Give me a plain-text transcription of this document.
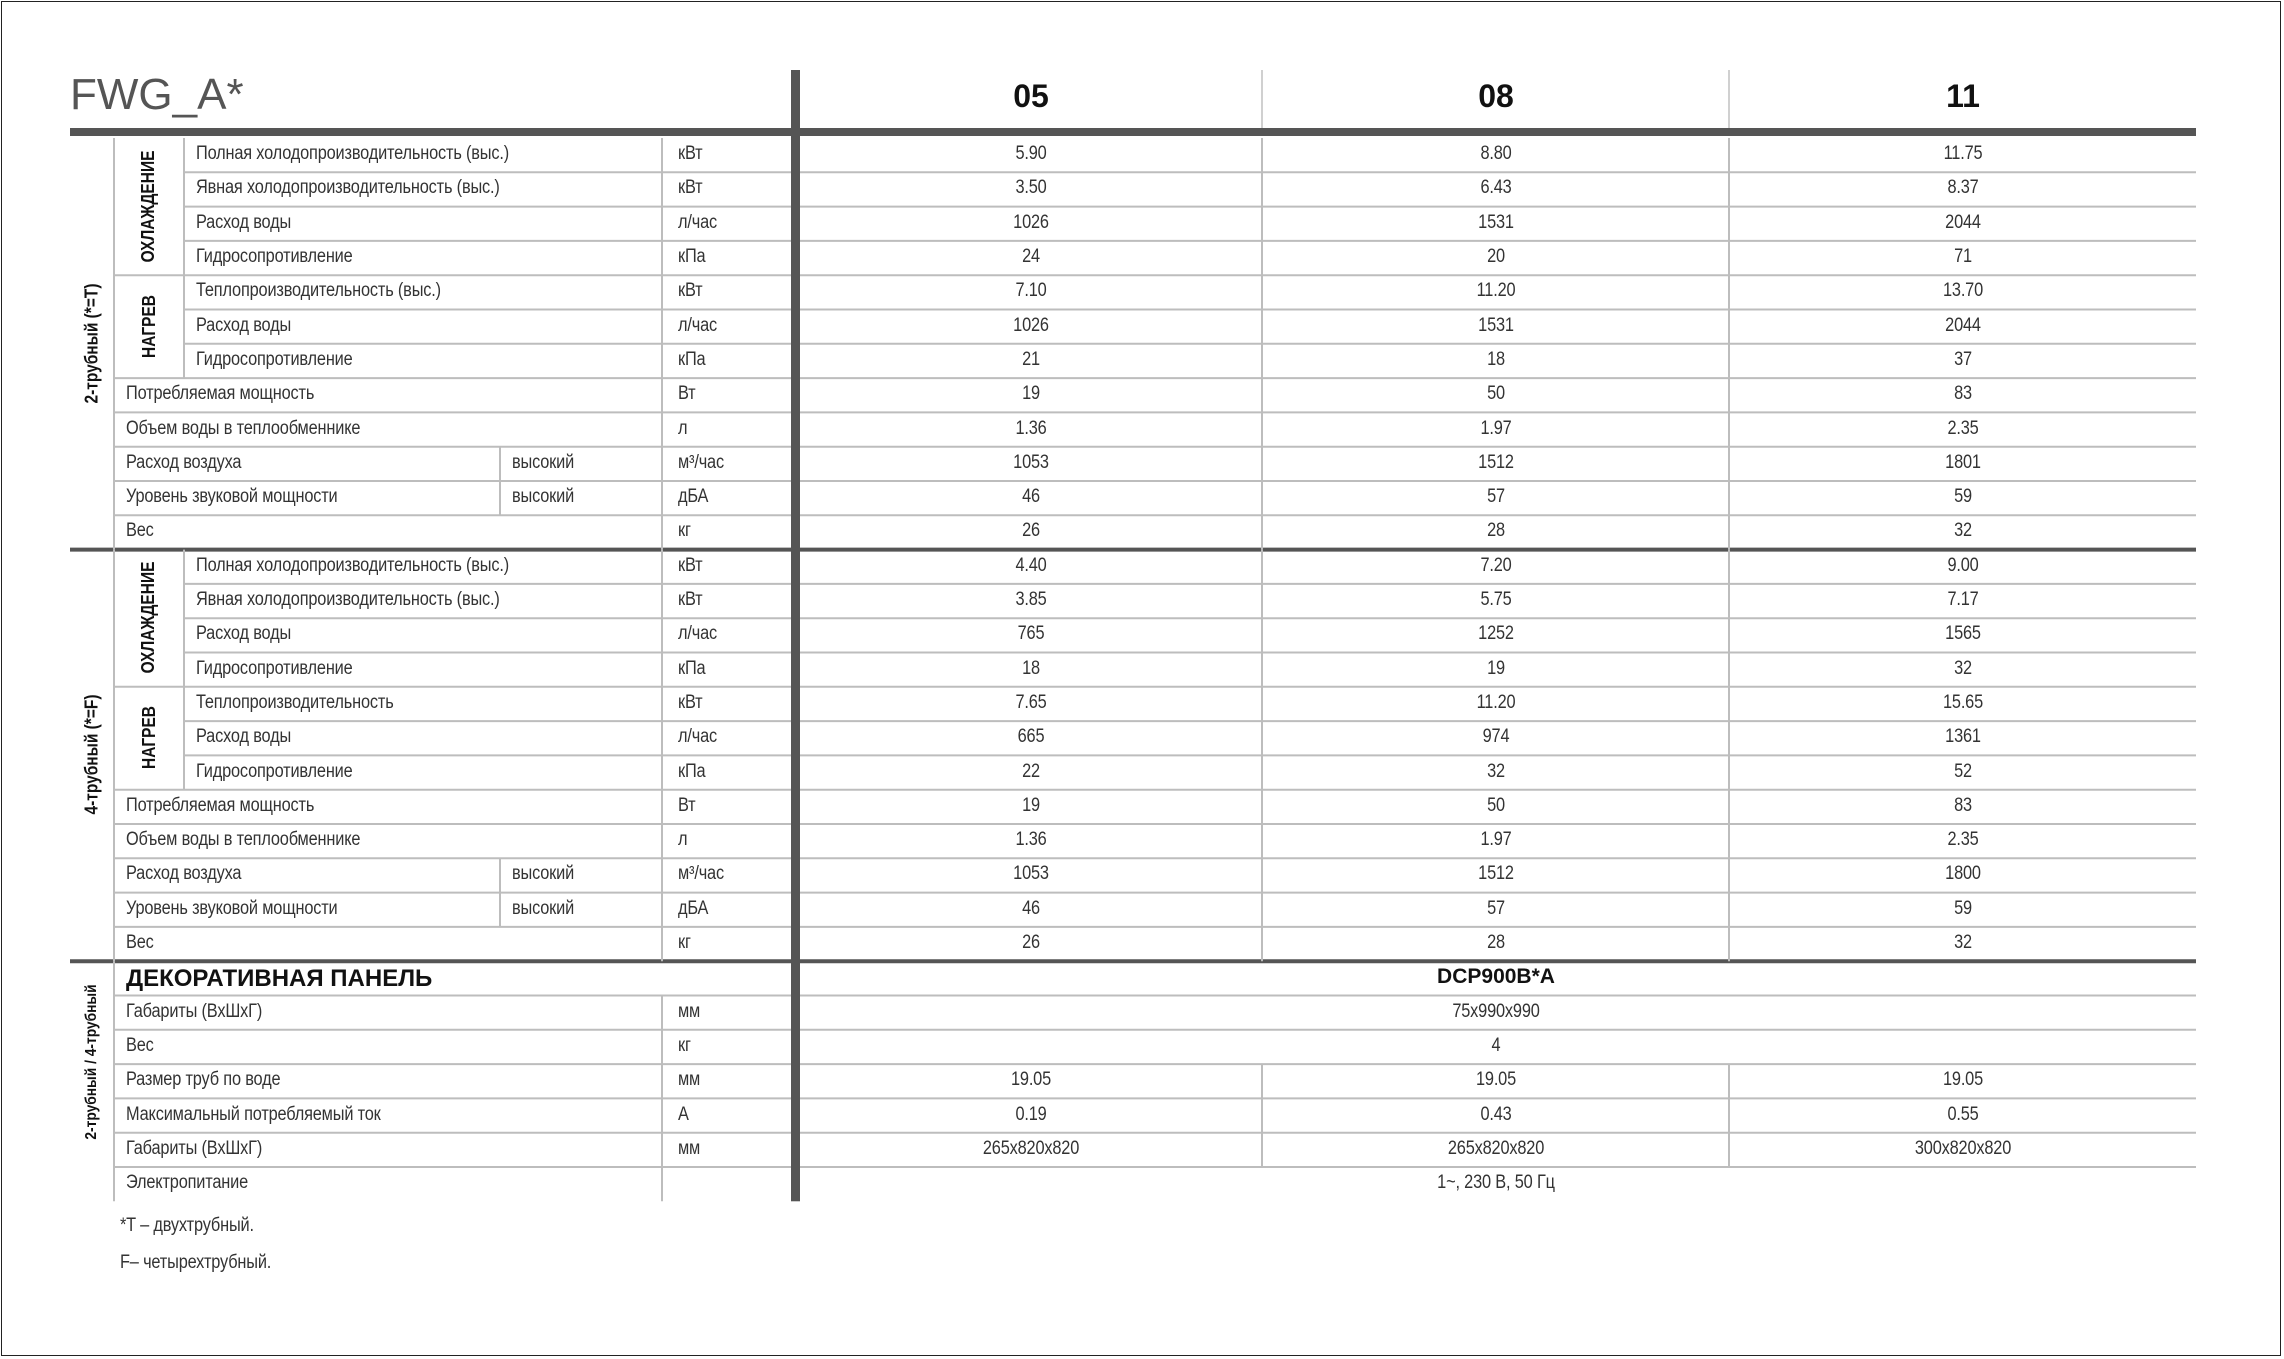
FWG_A*	05	08	11
Полная холодопроизводительность (выс.)	кВт	5.90	8.80	11.75
Явная холодопроизводительность (выс.)	кВт	3.50	6.43	8.37
Расход воды	л/час	1026	1531	2044
Гидросопротивление	кПа	24	20	71
ОХЛАЖДЕНИЕ
Теплопроизводительность (выс.)	кВт	7.10	11.20	13.70
Расход воды	л/час	1026	1531	2044
Гидросопротивление	кПа	21	18	37
НАГРЕВ
Потребляемая мощность	Вт	19	50	83
Объем воды в теплообменнике	л	1.36	1.97	2.35
Расход воздуха	высокий	м³/час	1053	1512	1801
Уровень звуковой мощности	высокий	дБА	46	57	59
Вес	кг	26	28	32
2-трубный (*=T)
Полная холодопроизводительность (выс.)	кВт	4.40	7.20	9.00
Явная холодопроизводительность (выс.)	кВт	3.85	5.75	7.17
Расход воды	л/час	765	1252	1565
Гидросопротивление	кПа	18	19	32
ОХЛАЖДЕНИЕ
Теплопроизводительность	кВт	7.65	11.20	15.65
Расход воды	л/час	665	974	1361
Гидросопротивление	кПа	22	32	52
НАГРЕВ
Потребляемая мощность	Вт	19	50	83
Объем воды в теплообменнике	л	1.36	1.97	2.35
Расход воздуха	высокий	м³/час	1053	1512	1800
Уровень звуковой мощности	высокий	дБА	46	57	59
Вес	кг	26	28	32
4-трубный (*=F)
ДЕКОРАТИВНАЯ ПАНЕЛЬ	DCP900B*A
Габариты (ВхШхГ)	мм	75x990x990
Вес	кг	4
Размер труб по воде	мм	19.05	19.05	19.05
Максимальный потребляемый ток	А	0.19	0.43	0.55
Габариты (ВхШхГ)	мм	265x820x820	265x820x820	300x820x820
Электропитание	1~, 230 В, 50 Гц
2-трубный / 4-трубный
*T – двухтрубный.
F– четырехтрубный.
